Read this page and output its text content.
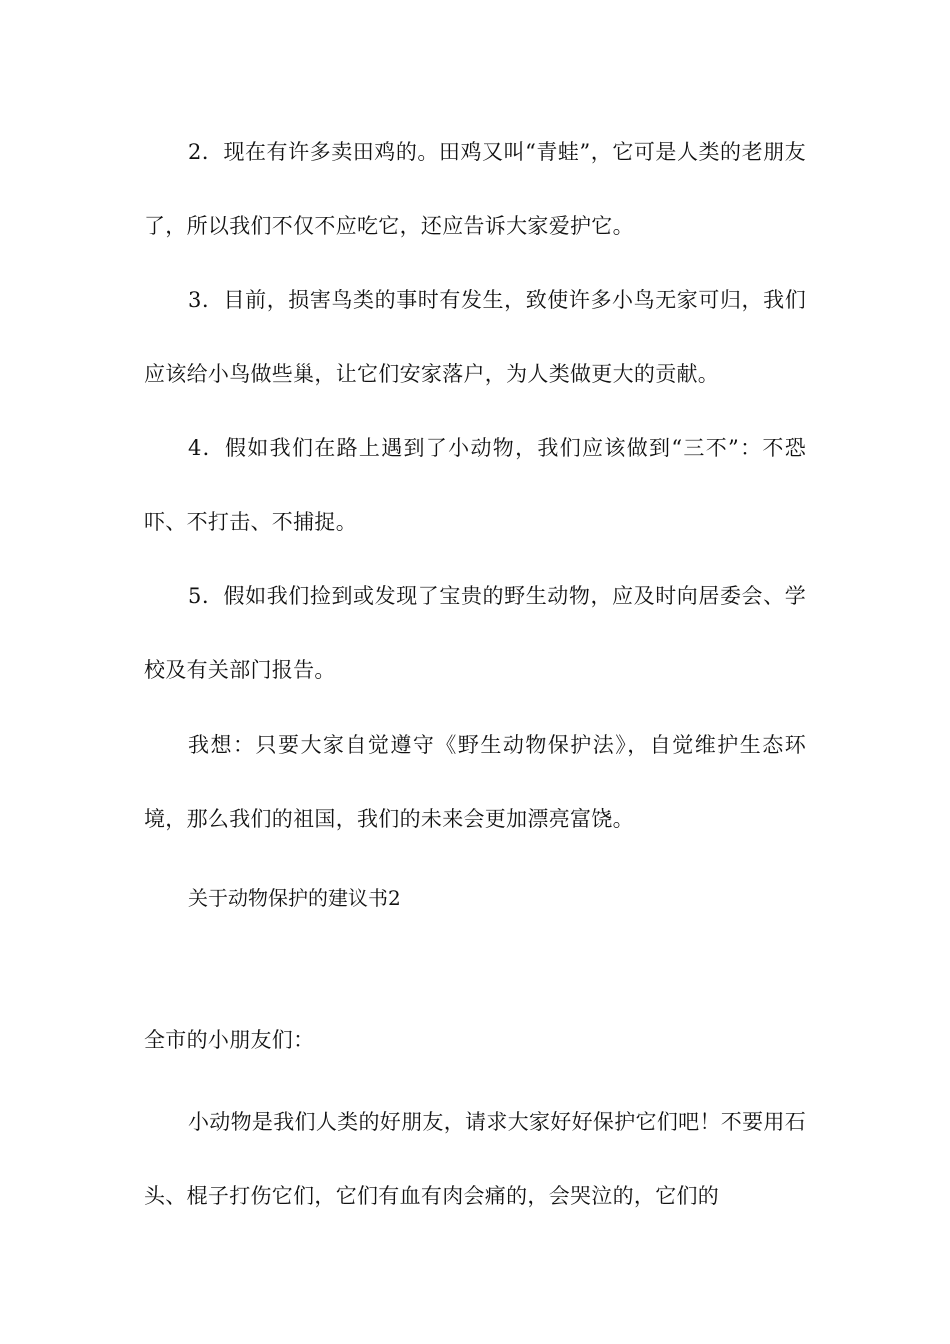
2．现在有许多卖田鸡的。田鸡又叫“青蛙”，它可是人类的老朋友了，所以我们不仅不应吃它，还应告诉大家爱护它。

3．目前，损害鸟类的事时有发生，致使许多小鸟无家可归，我们应该给小鸟做些巢，让它们安家落户，为人类做更大的贡献。

4．假如我们在路上遇到了小动物，我们应该做到“三不”：不恐吓、不打击、不捕捉。

5．假如我们捡到或发现了宝贵的野生动物，应及时向居委会、学校及有关部门报告。

我想：只要大家自觉遵守《野生动物保护法》，自觉维护生态环境，那么我们的祖国，我们的未来会更加漂亮富饶。

关于动物保护的建议书2

全市的小朋友们：

小动物是我们人类的好朋友，请求大家好好保护它们吧！不要用石头、棍子打伤它们，它们有血有肉会痛的，会哭泣的，它们的
